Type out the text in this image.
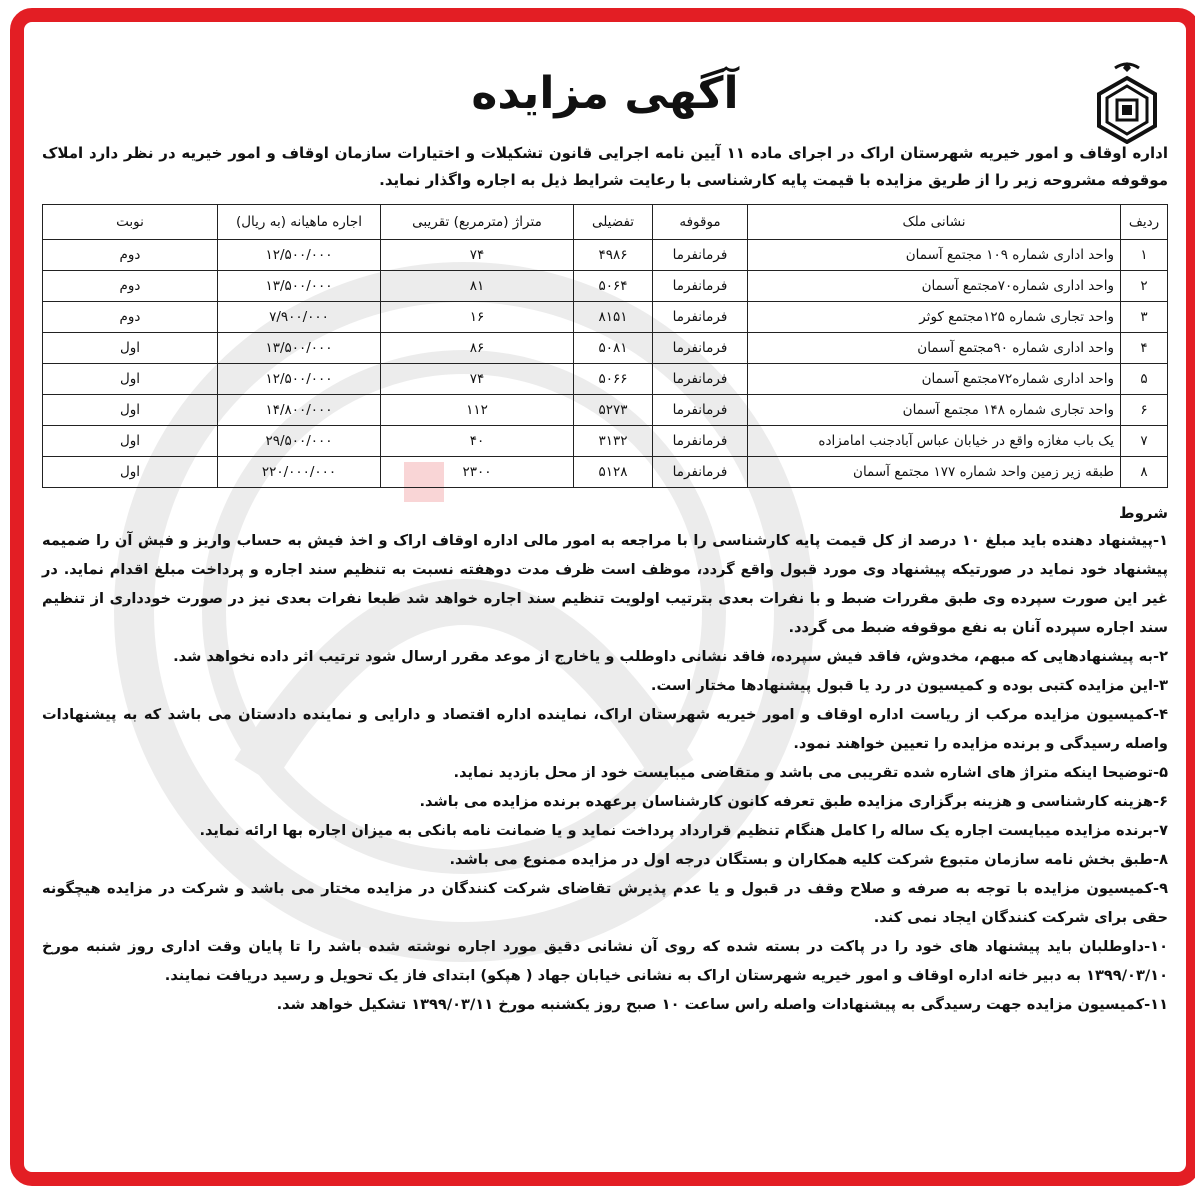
آگهی مزایده
اداره اوقاف و امور خیریه شهرستان اراک در اجرای ماده ۱۱ آیین نامه اجرایی قانون تشکیلات و اختیارات سازمان اوقاف و امور خیریه در نظر دارد املاک موقوفه مشروحه زیر را از طریق مزایده با قیمت پایه کارشناسی با رعایت شرایط ذیل به اجاره واگذار نماید.
ردیف	نشانی ملک	موقوفه	تفضیلی	متراژ (مترمربع) تقریبی	اجاره ماهیانه (به ریال)	نوبت
۱	واحد اداری شماره ۱۰۹ مجتمع آسمان	فرمانفرما	۴۹۸۶	۷۴	۱۲/۵۰۰/۰۰۰	دوم
۲	واحد اداری شماره۷۰مجتمع آسمان	فرمانفرما	۵۰۶۴	۸۱	۱۳/۵۰۰/۰۰۰	دوم
۳	واحد تجاری شماره ۱۲۵مجتمع کوثر	فرمانفرما	۸۱۵۱	۱۶	۷/۹۰۰/۰۰۰	دوم
۴	واحد اداری شماره ۹۰مجتمع آسمان	فرمانفرما	۵۰۸۱	۸۶	۱۳/۵۰۰/۰۰۰	اول
۵	واحد اداری شماره۷۲مجتمع آسمان	فرمانفرما	۵۰۶۶	۷۴	۱۲/۵۰۰/۰۰۰	اول
۶	واحد تجاری شماره ۱۴۸ مجتمع آسمان	فرمانفرما	۵۲۷۳	۱۱۲	۱۴/۸۰۰/۰۰۰	اول
۷	یک باب مغازه واقع در خیابان عباس آبادجنب امامزاده	فرمانفرما	۳۱۳۲	۴۰	۲۹/۵۰۰/۰۰۰	اول
۸	طبقه زیر زمین واحد شماره ۱۷۷ مجتمع آسمان	فرمانفرما	۵۱۲۸	۲۳۰۰	۲۲۰/۰۰۰/۰۰۰	اول
شروط
۱-پیشنهاد دهنده باید مبلغ ۱۰ درصد از کل قیمت پایه کارشناسی را با مراجعه به امور مالی اداره اوقاف اراک و اخذ فیش به حساب واریز و فیش آن را ضمیمه پیشنهاد خود نماید در صورتیکه پیشنهاد وی مورد قبول واقع گردد، موظف است ظرف مدت دوهفته نسبت به تنظیم سند اجاره و پرداخت مبلغ اقدام نماید. در غیر این صورت سپرده وی طبق مقررات ضبط و با نفرات بعدی بترتیب اولویت تنظیم سند اجاره خواهد شد طبعا نفرات بعدی نیز در صورت خودداری از تنظیم سند اجاره سپرده آنان به نفع موقوفه ضبط می گردد.
۲-به پیشنهادهایی که مبهم، مخدوش، فاقد فیش سپرده، فاقد نشانی داوطلب و یاخارج از موعد مقرر ارسال شود ترتیب اثر داده نخواهد شد.
۳-این مزایده کتبی بوده و کمیسیون در رد یا قبول پیشنهادها مختار است.
۴-کمیسیون مزایده مرکب از ریاست اداره اوقاف و امور خیریه شهرستان اراک، نماینده اداره اقتصاد و دارایی و نماینده دادستان می باشد که به پیشنهادات واصله رسیدگی و برنده مزایده را تعیین خواهند نمود.
۵-توضیحا اینکه متراژ های اشاره شده تقریبی می باشد و متقاضی میبایست خود از محل بازدید نماید.
۶-هزینه کارشناسی و هزینه برگزاری مزایده طبق تعرفه کانون کارشناسان برعهده برنده مزایده می باشد.
۷-برنده مزایده میبایست اجاره یک ساله را کامل هنگام تنظیم قرارداد پرداخت نماید و یا ضمانت نامه بانکی به میزان اجاره بها ارائه نماید.
۸-طبق بخش نامه سازمان متبوع شرکت کلیه همکاران و بستگان درجه اول در مزایده ممنوع می باشد.
۹-کمیسیون مزایده با توجه به صرفه و صلاح وقف در قبول و یا عدم پذیرش تقاضای شرکت کنندگان در مزایده مختار می باشد و شرکت در مزایده هیچگونه حقی برای شرکت کنندگان ایجاد نمی کند.
۱۰-داوطلبان باید پیشنهاد های خود را در پاکت در بسته شده که روی آن نشانی دقیق مورد اجاره نوشته شده باشد را تا پایان وقت اداری روز شنبه مورخ ۱۳۹۹/۰۳/۱۰ به دبیر خانه اداره اوقاف و امور خیریه شهرستان اراک به نشانی خیابان جهاد ( هپکو) ابتدای فاز یک تحویل و رسید دریافت نمایند.
۱۱-کمیسیون مزایده جهت رسیدگی به پیشنهادات واصله راس ساعت ۱۰ صبح روز یکشنبه مورخ ۱۳۹۹/۰۳/۱۱ تشکیل خواهد شد.
